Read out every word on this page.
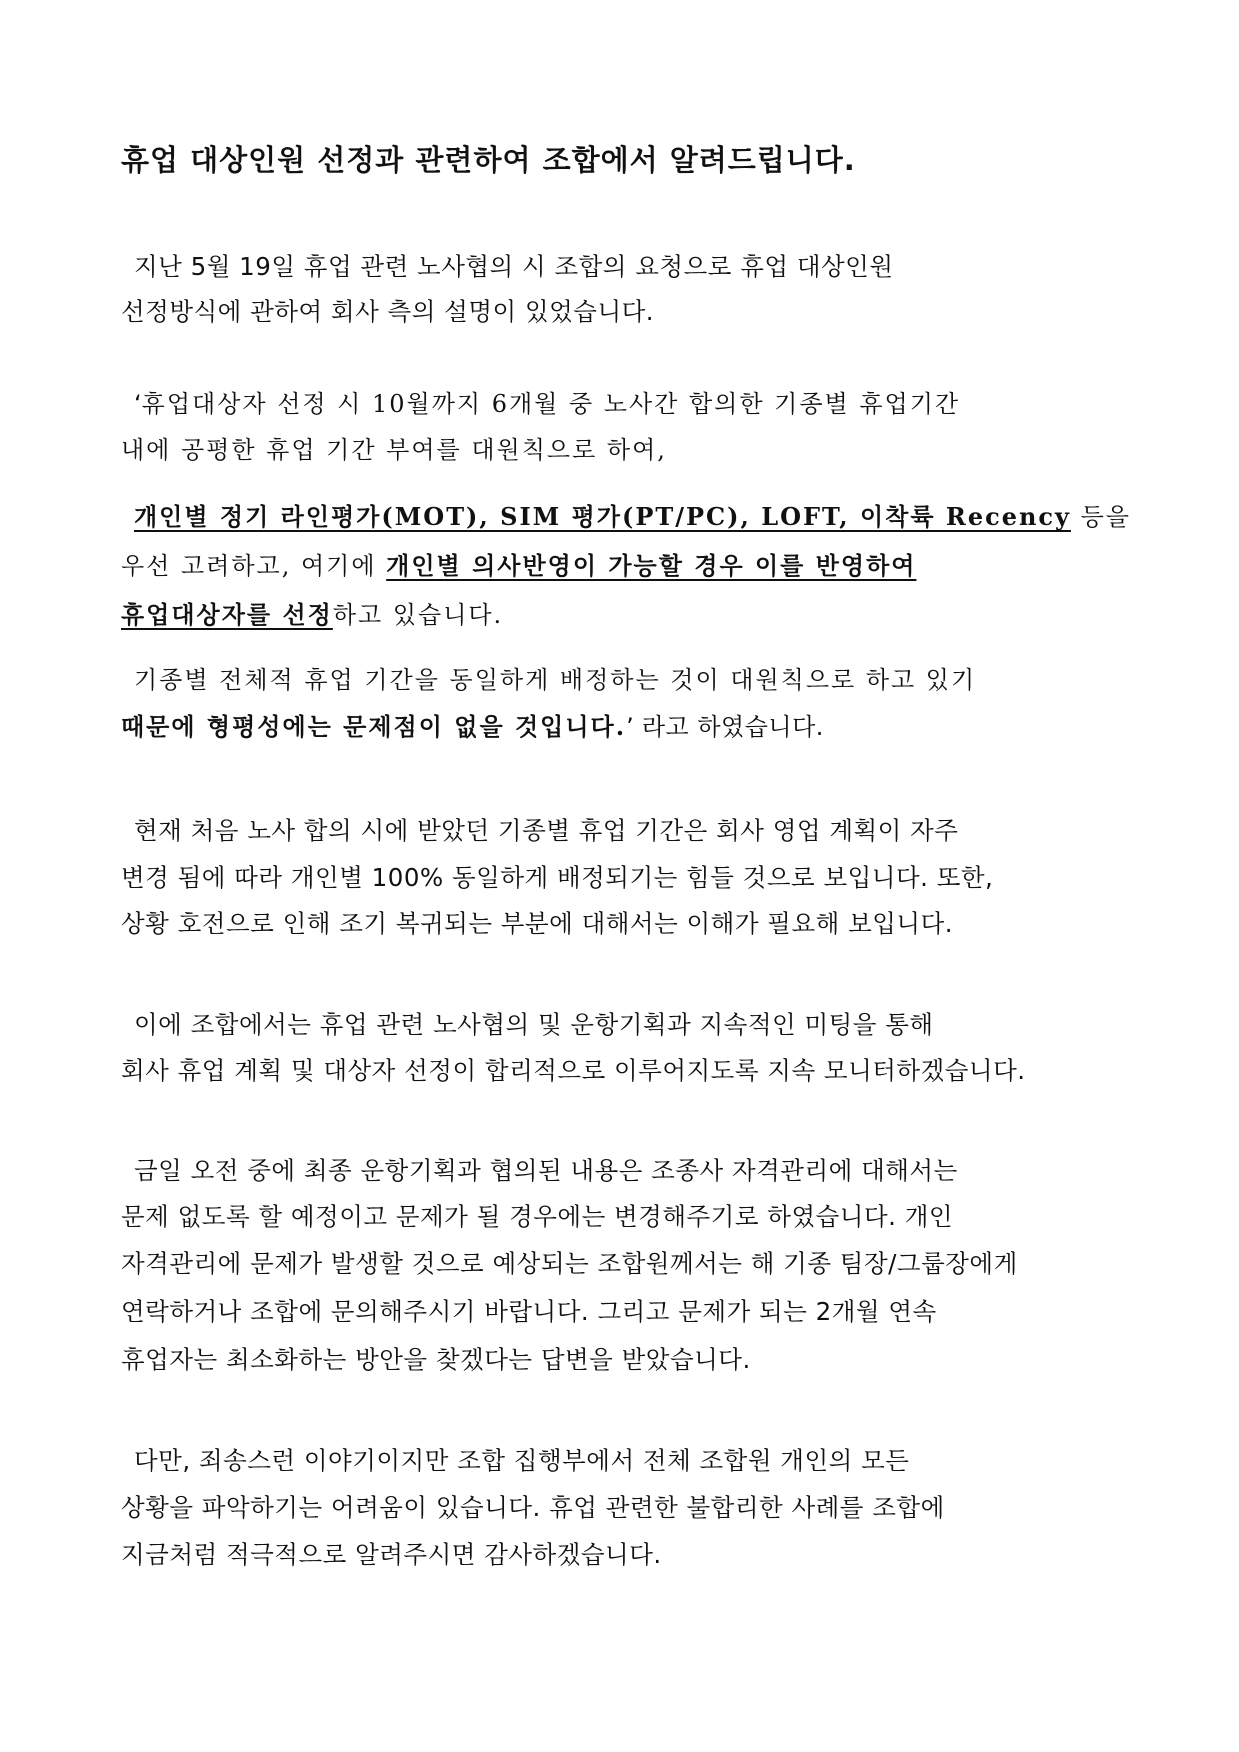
휴업 대상인원 선정과 관련하여 조합에서 알려드립니다.

지난 5월 19일 휴업 관련 노사협의 시 조합의 요청으로 휴업 대상인원

선정방식에 관하여 회사 측의 설명이 있었습니다.

‘휴업대상자 선정 시 10월까지 6개월 중 노사간 합의한 기종별 휴업기간

내에 공평한 휴업 기간 부여를 대원칙으로 하여,

개인별 정기 라인평가(MOT), SIM 평가(PT/PC), LOFT, 이착륙 Recency 등을

우선 고려하고, 여기에 개인별 의사반영이 가능할 경우 이를 반영하여

휴업대상자를 선정하고 있습니다.

기종별 전체적 휴업 기간을 동일하게 배정하는 것이 대원칙으로 하고 있기

때문에 형평성에는 문제점이 없을 것입니다.’ 라고 하였습니다.

현재 처음 노사 합의 시에 받았던 기종별 휴업 기간은 회사 영업 계획이 자주

변경 됨에 따라 개인별 100% 동일하게 배정되기는 힘들 것으로 보입니다. 또한,

상황 호전으로 인해 조기 복귀되는 부분에 대해서는 이해가 필요해 보입니다.

이에 조합에서는 휴업 관련 노사협의 및 운항기획과 지속적인 미팅을 통해

회사 휴업 계획 및 대상자 선정이 합리적으로 이루어지도록 지속 모니터하겠습니다.

금일 오전 중에 최종 운항기획과 협의된 내용은 조종사 자격관리에 대해서는

문제 없도록 할 예정이고 문제가 될 경우에는 변경해주기로 하였습니다. 개인

자격관리에 문제가 발생할 것으로 예상되는 조합원께서는 해 기종 팀장/그룹장에게

연락하거나 조합에 문의해주시기 바랍니다. 그리고 문제가 되는 2개월 연속

휴업자는 최소화하는 방안을 찾겠다는 답변을 받았습니다.

다만, 죄송스런 이야기이지만 조합 집행부에서 전체 조합원 개인의 모든

상황을 파악하기는 어려움이 있습니다. 휴업 관련한 불합리한 사례를 조합에

지금처럼 적극적으로 알려주시면 감사하겠습니다.
